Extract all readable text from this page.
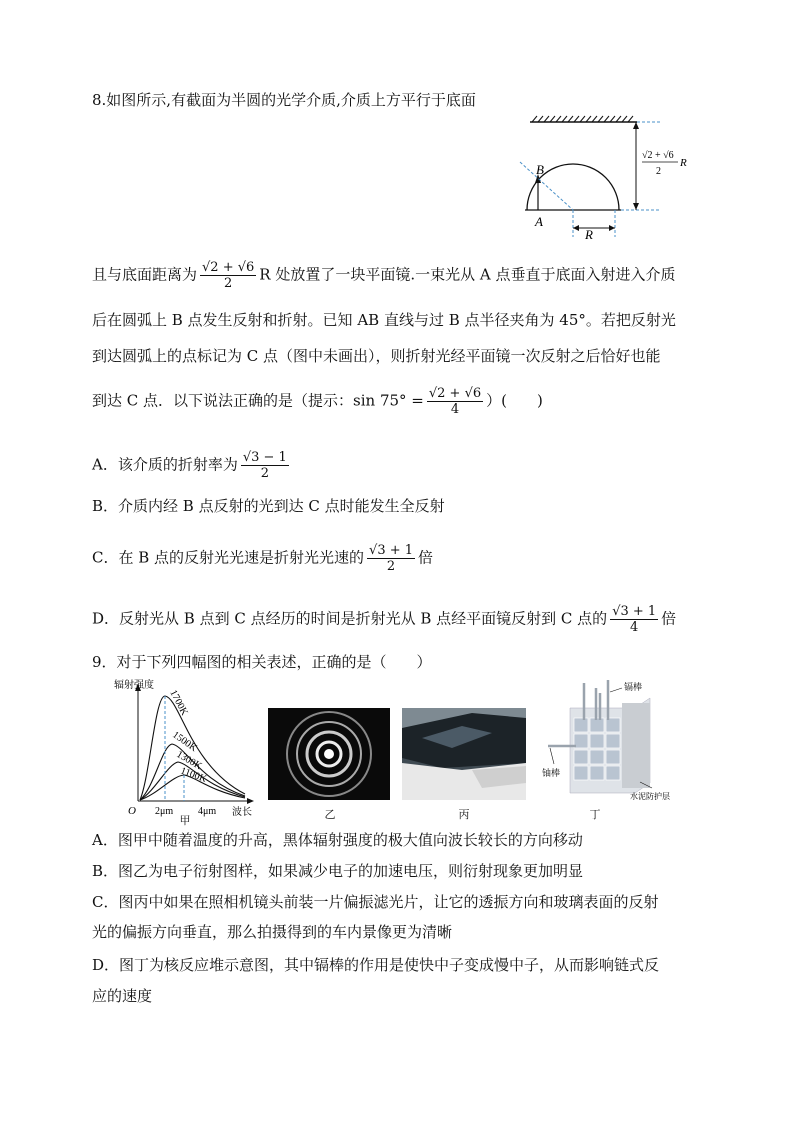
8.如图所示,有截面为半圆的光学介质,介质上方平行于底面
B
A
R
√2 + √6
2
R
且与底面距离为 $\frac{√2 + √6}{2}$ R 处放置了一块平面镜.一束光从 A 点垂直于底面入射进入介质
后在圆弧上 B 点发生反射和折射。已知 AB 直线与过 B 点半径夹角为 45°。若把反射光
到达圆弧上的点标记为 C 点（图中未画出），则折射光经平面镜一次反射之后恰好也能
到达 C 点．以下说法正确的是（提示：$\sin 75^\circ = \frac{√2 + √6}{4}$ ）(　　)
A．该介质的折射率为 $\frac{√3 - 1}{2}$
B．介质内经 B 点反射的光到达 C 点时能发生全反射
C．在 B 点的反射光光速是折射光光速的 $\frac{√3 + 1}{2}$ 倍
D．反射光从 B 点到 C 点经历的时间是折射光从 B 点经平面镜反射到 C 点的 $\frac{√3 + 1}{4}$ 倍
9．对于下列四幅图的相关表述，正确的是（　　）
辐射强度
波长
O 2μm 4μm
1700K
1500K
1300K
1100K
甲	乙	丙
镉棒
铀棒
水泥防护层
丁
A．图甲中随着温度的升高，黑体辐射强度的极大值向波长较长的方向移动
B．图乙为电子衍射图样，如果减少电子的加速电压，则衍射现象更加明显
C．图丙中如果在照相机镜头前装一片偏振滤光片，让它的透振方向和玻璃表面的反射
光的偏振方向垂直，那么拍摄得到的车内景像更为清晰
D．图丁为核反应堆示意图，其中镉棒的作用是使快中子变成慢中子，从而影响链式反
应的速度
